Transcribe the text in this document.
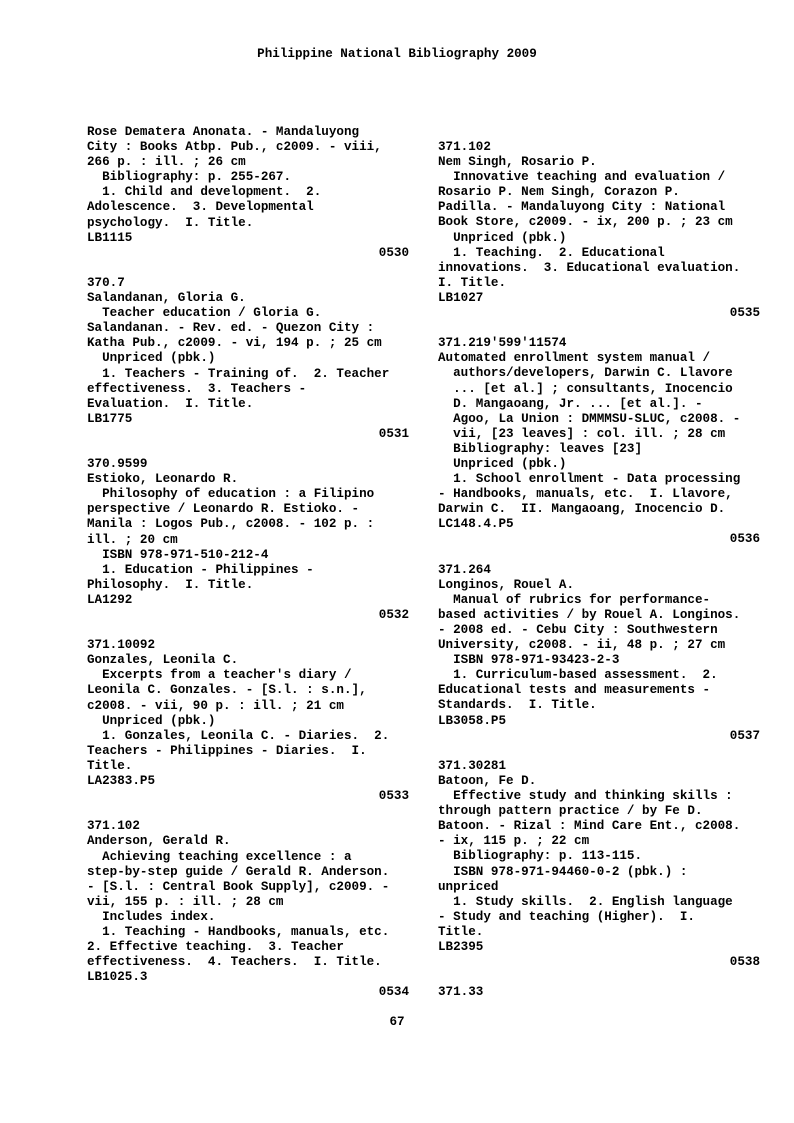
Philippine National Bibliography 2009
Rose Dematera Anonata. - Mandaluyong
City : Books Atbp. Pub., c2009. - viii,
266 p. : ill. ; 26 cm
Bibliography: p. 255-267.
1. Child and development.  2.
Adolescence.  3. Developmental
psychology.  I. Title.
LB1115
0530
370.7
Salandanan, Gloria G.
Teacher education / Gloria G.
Salandanan. - Rev. ed. - Quezon City :
Katha Pub., c2009. - vi, 194 p. ; 25 cm
Unpriced (pbk.)
1. Teachers - Training of.  2. Teacher
effectiveness.  3. Teachers -
Evaluation.  I. Title.
LB1775
0531
370.9599
Estioko, Leonardo R.
Philosophy of education : a Filipino
perspective / Leonardo R. Estioko. -
Manila : Logos Pub., c2008. - 102 p. :
ill. ; 20 cm
ISBN 978-971-510-212-4
1. Education - Philippines -
Philosophy.  I. Title.
LA1292
0532
371.10092
Gonzales, Leonila C.
Excerpts from a teacher's diary /
Leonila C. Gonzales. - [S.l. : s.n.],
c2008. - vii, 90 p. : ill. ; 21 cm
Unpriced (pbk.)
1. Gonzales, Leonila C. - Diaries.  2.
Teachers - Philippines - Diaries.  I.
Title.
LA2383.P5
0533
371.102
Anderson, Gerald R.
Achieving teaching excellence : a
step-by-step guide / Gerald R. Anderson.
- [S.l. : Central Book Supply], c2009. -
vii, 155 p. : ill. ; 28 cm
Includes index.
1. Teaching - Handbooks, manuals, etc.
2. Effective teaching.  3. Teacher
effectiveness.  4. Teachers.  I. Title.
LB1025.3
0534
371.102
Nem Singh, Rosario P.
Innovative teaching and evaluation /
Rosario P. Nem Singh, Corazon P.
Padilla. - Mandaluyong City : National
Book Store, c2009. - ix, 200 p. ; 23 cm
Unpriced (pbk.)
1. Teaching.  2. Educational
innovations.  3. Educational evaluation.
I. Title.
LB1027
0535
371.219'599'11574
Automated enrollment system manual /
authors/developers, Darwin C. Llavore
... [et al.] ; consultants, Inocencio
D. Mangaoang, Jr. ... [et al.]. -
Agoo, La Union : DMMMSU-SLUC, c2008. -
vii, [23 leaves] : col. ill. ; 28 cm
Bibliography: leaves [23]
Unpriced (pbk.)
1. School enrollment - Data processing
- Handbooks, manuals, etc.  I. Llavore,
Darwin C.  II. Mangaoang, Inocencio D.
LC148.4.P5
0536
371.264
Longinos, Rouel A.
Manual of rubrics for performance-
based activities / by Rouel A. Longinos.
- 2008 ed. - Cebu City : Southwestern
University, c2008. - ii, 48 p. ; 27 cm
ISBN 978-971-93423-2-3
1. Curriculum-based assessment.  2.
Educational tests and measurements -
Standards.  I. Title.
LB3058.P5
0537
371.30281
Batoon, Fe D.
Effective study and thinking skills :
through pattern practice / by Fe D.
Batoon. - Rizal : Mind Care Ent., c2008.
- ix, 115 p. ; 22 cm
Bibliography: p. 113-115.
ISBN 978-971-94460-0-2 (pbk.) :
unpriced
1. Study skills.  2. English language
- Study and teaching (Higher).  I.
Title.
LB2395
0538
371.33
67
